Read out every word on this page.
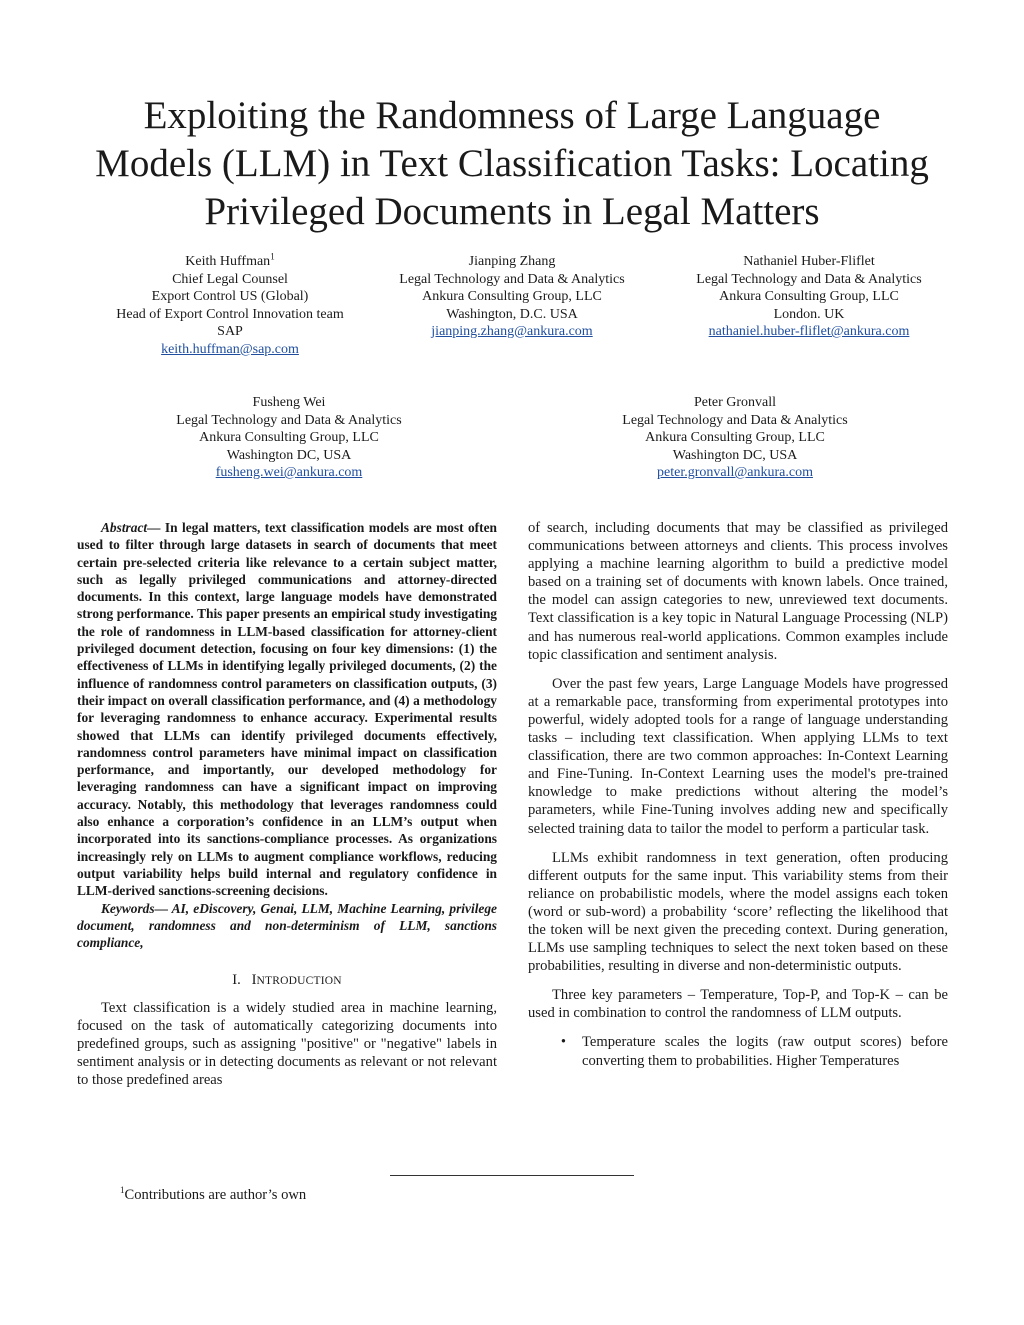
Exploiting the Randomness of Large Language
Models (LLM) in Text Classification Tasks: Locating
Privileged Documents in Legal Matters
Keith Huffman$^1$
Chief Legal Counsel
Export Control US (Global)
Head of Export Control Innovation team
SAP
keith.huffman@sap.com
Jianping Zhang
Legal Technology and Data & Analytics
Ankura Consulting Group, LLC
Washington, D.C. USA
jianping.zhang@ankura.com
Nathaniel Huber-Fliflet
Legal Technology and Data & Analytics
Ankura Consulting Group, LLC
London. UK
nathaniel.huber-fliflet@ankura.com
Fusheng Wei
Legal Technology and Data & Analytics
Ankura Consulting Group, LLC
Washington DC, USA
fusheng.wei@ankura.com
Peter Gronvall
Legal Technology and Data & Analytics
Ankura Consulting Group, LLC
Washington DC, USA
peter.gronvall@ankura.com

Abstract— In legal matters, text classification models are most often used to filter through large datasets in search of documents that meet certain pre-selected criteria like relevance to a certain subject matter, such as legally privileged communications and attorney-directed documents. In this context, large language models have demonstrated strong performance. This paper presents an empirical study investigating the role of randomness in LLM-based classification for attorney-client privileged document detection, focusing on four key dimensions: (1) the effectiveness of LLMs in identifying legally privileged documents, (2) the influence of randomness control parameters on classification outputs, (3) their impact on overall classification performance, and (4) a methodology for leveraging randomness to enhance accuracy. Experimental results showed that LLMs can identify privileged documents effectively, randomness control parameters have minimal impact on classification performance, and importantly, our developed methodology for leveraging randomness can have a significant impact on improving accuracy. Notably, this methodology that leverages randomness could also enhance a corporation’s confidence in an LLM’s output when incorporated into its sanctions-compliance processes. As organizations increasingly rely on LLMs to augment compliance workflows, reducing output variability helps build internal and regulatory confidence in LLM-derived sanctions-screening decisions.

Keywords— AI, eDiscovery, Genai, LLM, Machine Learning, privilege document, randomness and non-determinism of LLM, sanctions compliance,

I. INTRODUCTION

Text classification is a widely studied area in machine learning, focused on the task of automatically categorizing documents into predefined groups, such as assigning "positive" or "negative" labels in sentiment analysis or in detecting documents as relevant or not relevant to those predefined areas

of search, including documents that may be classified as privileged communications between attorneys and clients. This process involves applying a machine learning algorithm to build a predictive model based on a training set of documents with known labels. Once trained, the model can assign categories to new, unreviewed text documents. Text classification is a key topic in Natural Language Processing (NLP) and has numerous real-world applications. Common examples include topic classification and sentiment analysis.

Over the past few years, Large Language Models have progressed at a remarkable pace, transforming from experimental prototypes into powerful, widely adopted tools for a range of language understanding tasks – including text classification. When applying LLMs to text classification, there are two common approaches: In-Context Learning and Fine-Tuning. In-Context Learning uses the model's pre-trained knowledge to make predictions without altering the model’s parameters, while Fine-Tuning involves adding new and specifically selected training data to tailor the model to perform a particular task.

LLMs exhibit randomness in text generation, often producing different outputs for the same input. This variability stems from their reliance on probabilistic models, where the model assigns each token (word or sub-word) a probability ‘score’ reflecting the likelihood that the token will be next given the preceding context. During generation, LLMs use sampling techniques to select the next token based on these probabilities, resulting in diverse and non-deterministic outputs.

Three key parameters – Temperature, Top-P, and Top-K – can be used in combination to control the randomness of LLM outputs.

•	Temperature scales the logits (raw output scores) before converting them to probabilities. Higher Temperatures
$^1$Contributions are author’s own
